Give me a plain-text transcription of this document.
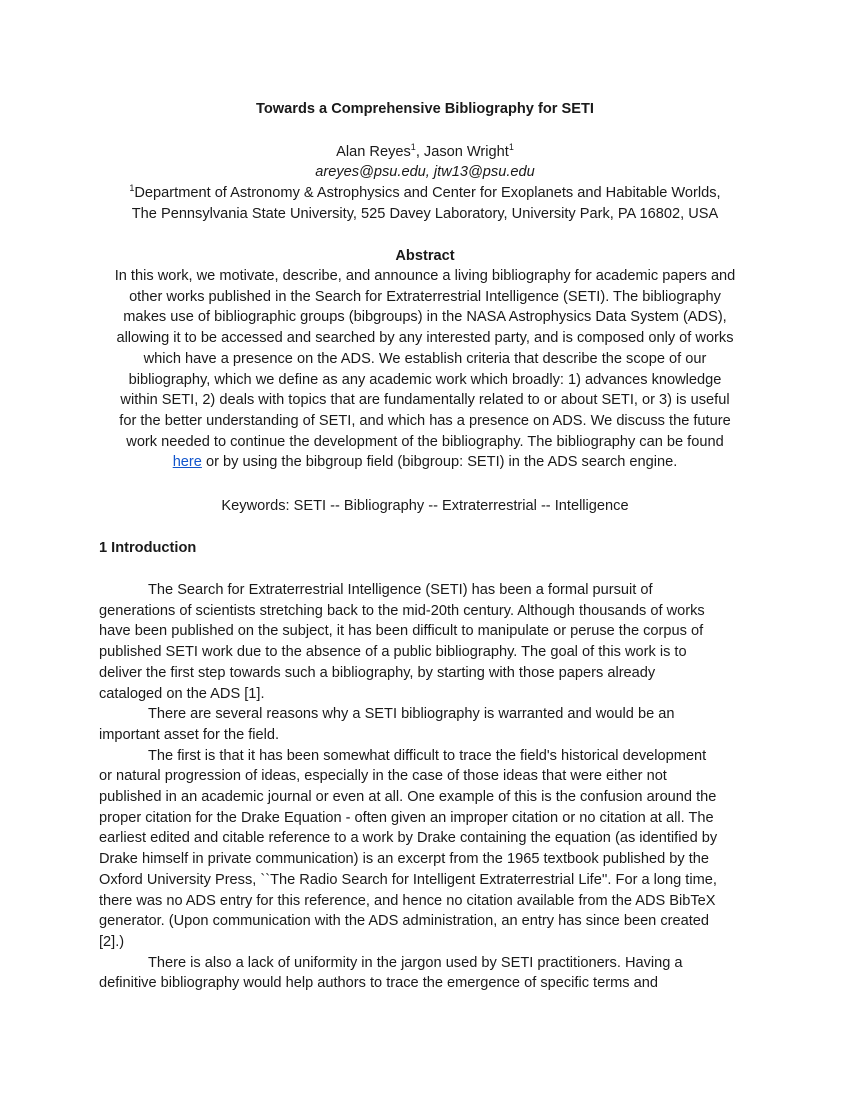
Towards a Comprehensive Bibliography for SETI
Alan Reyes$^1$, Jason Wright$^1$
areyes@psu.edu, jtw13@psu.edu
$^1$Department of Astronomy & Astrophysics and Center for Exoplanets and Habitable Worlds,
The Pennsylvania State University, 525 Davey Laboratory, University Park, PA 16802, USA
Abstract
In this work, we motivate, describe, and announce a living bibliography for academic papers and
other works published in the Search for Extraterrestrial Intelligence (SETI). The bibliography
makes use of bibliographic groups (bibgroups) in the NASA Astrophysics Data System (ADS),
allowing it to be accessed and searched by any interested party, and is composed only of works
which have a presence on the ADS. We establish criteria that describe the scope of our
bibliography, which we define as any academic work which broadly: 1) advances knowledge
within SETI, 2) deals with topics that are fundamentally related to or about SETI, or 3) is useful
for the better understanding of SETI, and which has a presence on ADS. We discuss the future
work needed to continue the development of the bibliography. The bibliography can be found
here or by using the bibgroup field (bibgroup: SETI) in the ADS search engine.
Keywords: SETI -- Bibliography -- Extraterrestrial -- Intelligence
1 Introduction
The Search for Extraterrestrial Intelligence (SETI) has been a formal pursuit of
generations of scientists stretching back to the mid-20th century. Although thousands of works
have been published on the subject, it has been difficult to manipulate or peruse the corpus of
published SETI work due to the absence of a public bibliography. The goal of this work is to
deliver the first step towards such a bibliography, by starting with those papers already
cataloged on the ADS [1].
There are several reasons why a SETI bibliography is warranted and would be an
important asset for the field.
The first is that it has been somewhat difficult to trace the field's historical development
or natural progression of ideas, especially in the case of those ideas that were either not
published in an academic journal or even at all. One example of this is the confusion around the
proper citation for the Drake Equation - often given an improper citation or no citation at all. The
earliest edited and citable reference to a work by Drake containing the equation (as identified by
Drake himself in private communication) is an excerpt from the 1965 textbook published by the
Oxford University Press, ``The Radio Search for Intelligent Extraterrestrial Life''. For a long time,
there was no ADS entry for this reference, and hence no citation available from the ADS BibTeX
generator. (Upon communication with the ADS administration, an entry has since been created
[2].)
There is also a lack of uniformity in the jargon used by SETI practitioners. Having a
definitive bibliography would help authors to trace the emergence of specific terms and
